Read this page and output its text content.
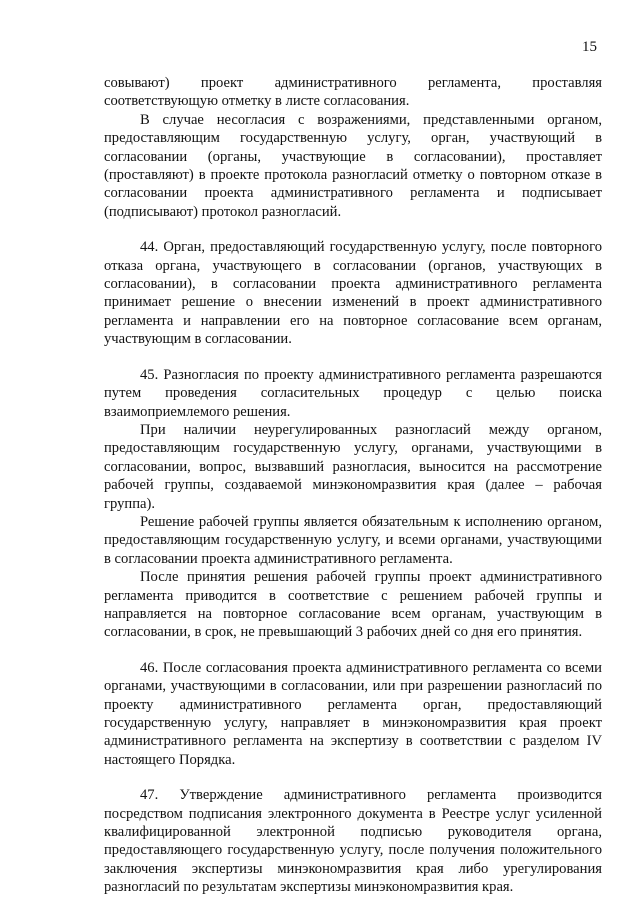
15

совывают) проект административного регламента, проставляя соответствующую отметку в листе согласования.

В случае несогласия с возражениями, представленными органом, предоставляющим государственную услугу, орган, участвующий в согласовании (органы, участвующие в согласовании), проставляет (проставляют) в проекте протокола разногласий отметку о повторном отказе в согласовании проекта административного регламента и подписывает (подписывают) протокол разногласий.

44. Орган, предоставляющий государственную услугу, после повторного отказа органа, участвующего в согласовании (органов, участвующих в согласовании), в согласовании проекта административного регламента принимает решение о внесении изменений в проект административного регламента и направлении его на повторное согласование всем органам, участвующим в согласовании.

45. Разногласия по проекту административного регламента разрешаются путем проведения согласительных процедур с целью поиска взаимоприемлемого решения.

При наличии неурегулированных разногласий между органом, предоставляющим государственную услугу, органами, участвующими в согласовании, вопрос, вызвавший разногласия, выносится на рассмотрение рабочей группы, создаваемой минэкономразвития края (далее – рабочая группа).

Решение рабочей группы является обязательным к исполнению органом, предоставляющим государственную услугу, и всеми органами, участвующими в согласовании проекта административного регламента.

После принятия решения рабочей группы проект административного регламента приводится в соответствие с решением рабочей группы и направляется на повторное согласование всем органам, участвующим в согласовании, в срок, не превышающий 3 рабочих дней со дня его принятия.

46. После согласования проекта административного регламента со всеми органами, участвующими в согласовании, или при разрешении разногласий по проекту административного регламента орган, предоставляющий государственную услугу, направляет в минэкономразвития края проект административного регламента на экспертизу в соответствии с разделом IV настоящего Порядка.

47. Утверждение административного регламента производится посредством подписания электронного документа в Реестре услуг усиленной квалифицированной электронной подписью руководителя органа, предоставляющего государственную услугу, после получения положительного заключения экспертизы минэкономразвития края либо урегулирования разногласий по результатам экспертизы минэкономразвития края.
